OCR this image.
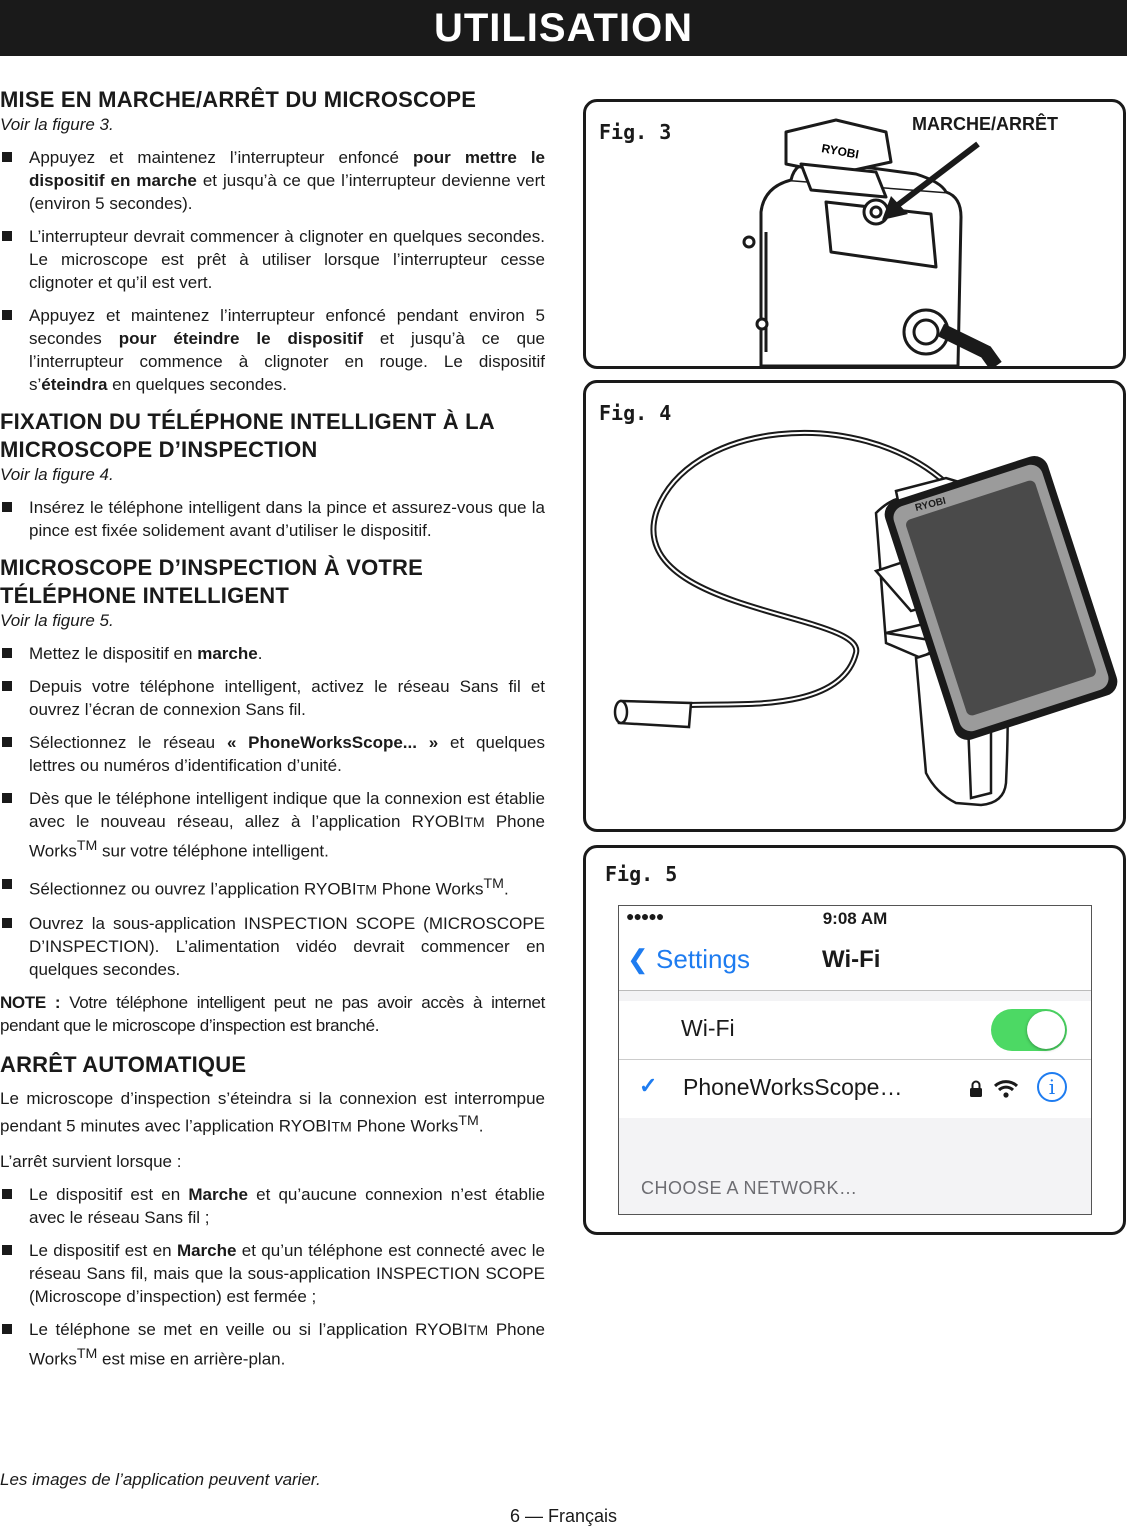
UTILISATION
MISE EN MARCHE/ARRÊT DU MICROSCOPE
Voir la figure 3.
Appuyez et maintenez l’interrupteur enfoncé pour mettre le dispositif en marche et jusqu’à ce que l’interrupteur devienne vert (environ 5 secondes).
L’interrupteur devrait commencer à clignoter en quelques secondes. Le microscope est prêt à utiliser lorsque l’interrupteur cesse clignoter et qu’il est vert.
Appuyez et maintenez l’interrupteur enfoncé pendant environ 5 secondes pour éteindre le dispositif et jusqu’à ce que l’interrupteur commence à clignoter en rouge. Le dispositif s’éteindra en quelques secondes.
FIXATION DU TÉLÉPHONE INTELLIGENT À LA MICROSCOPE D’INSPECTION
Voir la figure 4.
Insérez le téléphone intelligent dans la pince et assurez-vous que la pince est fixée solidement avant d’utiliser le dispositif.
MICROSCOPE D’INSPECTION À VOTRE TÉLÉPHONE INTELLIGENT
Voir la figure 5.
Mettez le dispositif en marche.
Depuis votre téléphone intelligent, activez le réseau Sans fil et ouvrez l’écran de connexion Sans fil.
Sélectionnez le réseau « PhoneWorksScope... » et quelques lettres ou numéros d’identification d’unité.
Dès que le téléphone intelligent indique que la connexion est établie avec le nouveau réseau, allez à l’application RYOBITM Phone Works™ sur votre téléphone intelligent.
Sélectionnez ou ouvrez l’application RYOBITM Phone Works™.
Ouvrez la sous-application INSPECTION SCOPE (MICROSCOPE D’INSPECTION). L’alimentation vidéo devrait commencer en quelques secondes.
NOTE : Votre téléphone intelligent peut ne pas avoir accès à internet pendant que le microscope d’inspection est branché.
ARRÊT AUTOMATIQUE

Le microscope d’inspection s’éteindra si la connexion est interrompue pendant 5 minutes avec l’application RYOBITM Phone Works™.

L’arrêt survient lorsque :

Le dispositif est en Marche et qu’aucune connexion n’est établie avec le réseau Sans fil ;
Le dispositif est en Marche et qu’un téléphone est connecté avec le réseau Sans fil, mais que la sous-application INSPECTION SCOPE (Microscope d’inspection) est fermée ;
Le téléphone se met en veille ou si l’application RYOBITM Phone Works™ est mise en arrière-plan.
Les images de l’application peuvent varier.
6 — Français
Fig. 3	MARCHE/ARRÊT
RYOBI
Fig. 4
RYOBI
Fig. 5
●●●●●	9:08 AM
❮ Settings	Wi-Fi
Wi-Fi
✓ PhoneWorksScope…	i
CHOOSE A NETWORK…
